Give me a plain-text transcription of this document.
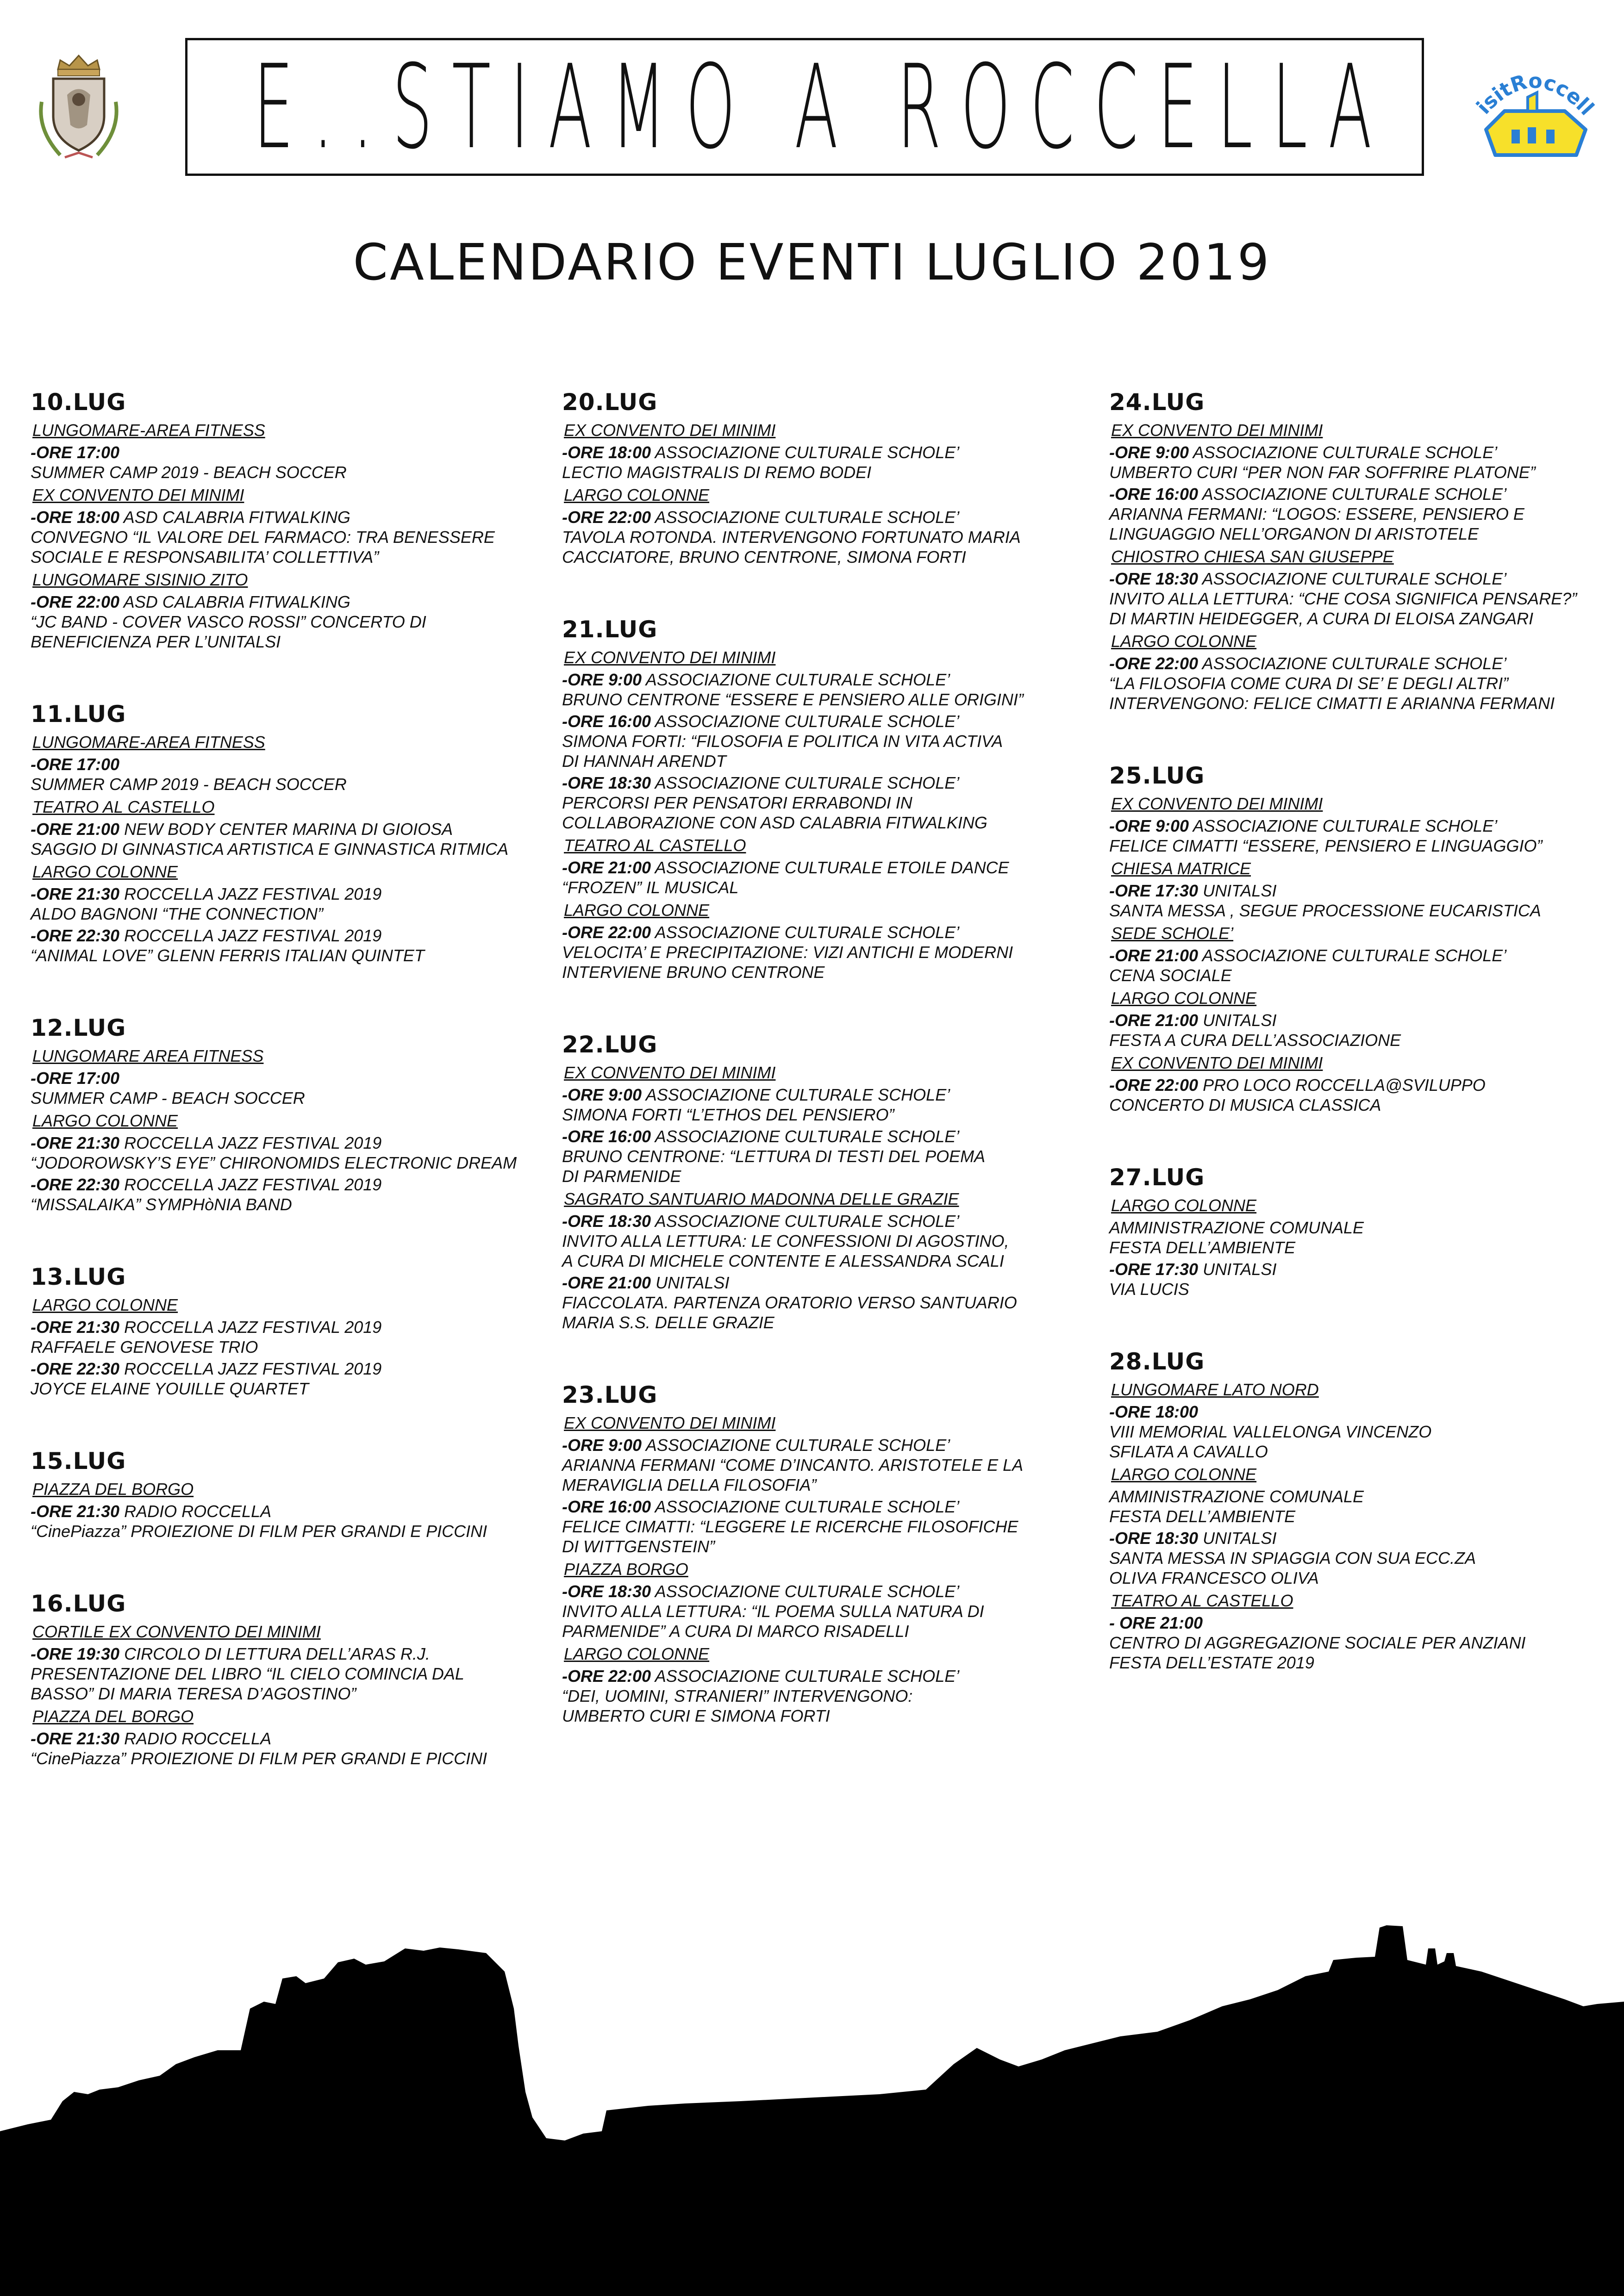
E..STIAMO A ROCCELLA	isitRoccell
CALENDARIO EVENTI LUGLIO 2019
10.LUG
LUNGOMARE-AREA FITNESS
-ORE 17:00
SUMMER CAMP 2019 - BEACH SOCCER
EX CONVENTO DEI MINIMI
-ORE 18:00 ASD CALABRIA FITWALKING
CONVEGNO “IL VALORE DEL FARMACO: TRA BENESSERE
SOCIALE E RESPONSABILITA’ COLLETTIVA”
LUNGOMARE SISINIO ZITO
-ORE 22:00 ASD CALABRIA FITWALKING
“JC BAND - COVER VASCO ROSSI” CONCERTO DI
BENEFICIENZA PER L’UNITALSI
11.LUG
LUNGOMARE-AREA FITNESS
-ORE 17:00
SUMMER CAMP 2019 - BEACH SOCCER
TEATRO AL CASTELLO
-ORE 21:00 NEW BODY CENTER MARINA DI GIOIOSA
SAGGIO DI GINNASTICA ARTISTICA E GINNASTICA RITMICA
LARGO COLONNE
-ORE 21:30 ROCCELLA JAZZ FESTIVAL 2019
ALDO BAGNONI “THE CONNECTION”
-ORE 22:30 ROCCELLA JAZZ FESTIVAL 2019
“ANIMAL LOVE” GLENN FERRIS ITALIAN QUINTET
12.LUG
LUNGOMARE AREA FITNESS
-ORE 17:00
SUMMER CAMP - BEACH SOCCER
LARGO COLONNE
-ORE 21:30 ROCCELLA JAZZ FESTIVAL 2019
“JODOROWSKY’S EYE” CHIRONOMIDS ELECTRONIC DREAM
-ORE 22:30 ROCCELLA JAZZ FESTIVAL 2019
“MISSALAIKA” SYMPHòNIA BAND
13.LUG
LARGO COLONNE
-ORE 21:30 ROCCELLA JAZZ FESTIVAL 2019
RAFFAELE GENOVESE TRIO
-ORE 22:30 ROCCELLA JAZZ FESTIVAL 2019
JOYCE ELAINE YOUILLE QUARTET
15.LUG
PIAZZA DEL BORGO
-ORE 21:30 RADIO ROCCELLA
“CinePiazza” PROIEZIONE DI FILM PER GRANDI E PICCINI
16.LUG
CORTILE EX CONVENTO DEI MINIMI
-ORE 19:30 CIRCOLO DI LETTURA DELL’ARAS R.J.
PRESENTAZIONE DEL LIBRO “IL CIELO COMINCIA DAL
BASSO” DI MARIA TERESA D’AGOSTINO”
PIAZZA DEL BORGO
-ORE 21:30 RADIO ROCCELLA
“CinePiazza” PROIEZIONE DI FILM PER GRANDI E PICCINI
20.LUG
EX CONVENTO DEI MINIMI
-ORE 18:00 ASSOCIAZIONE CULTURALE SCHOLE’
LECTIO MAGISTRALIS DI REMO BODEI
LARGO COLONNE
-ORE 22:00 ASSOCIAZIONE CULTURALE SCHOLE’
TAVOLA ROTONDA. INTERVENGONO FORTUNATO MARIA
CACCIATORE, BRUNO CENTRONE, SIMONA FORTI
21.LUG
EX CONVENTO DEI MINIMI
-ORE 9:00 ASSOCIAZIONE CULTURALE SCHOLE’
BRUNO CENTRONE “ESSERE E PENSIERO ALLE ORIGINI”
-ORE 16:00 ASSOCIAZIONE CULTURALE SCHOLE’
SIMONA FORTI: “FILOSOFIA E POLITICA IN VITA ACTIVA
DI HANNAH ARENDT
-ORE 18:30 ASSOCIAZIONE CULTURALE SCHOLE’
PERCORSI PER PENSATORI ERRABONDI IN
COLLABORAZIONE CON ASD CALABRIA FITWALKING
TEATRO AL CASTELLO
-ORE 21:00 ASSOCIAZIONE CULTURALE ETOILE DANCE
“FROZEN” IL MUSICAL
LARGO COLONNE
-ORE 22:00 ASSOCIAZIONE CULTURALE SCHOLE’
VELOCITA’ E PRECIPITAZIONE: VIZI ANTICHI E MODERNI
INTERVIENE BRUNO CENTRONE
22.LUG
EX CONVENTO DEI MINIMI
-ORE 9:00 ASSOCIAZIONE CULTURALE SCHOLE’
SIMONA FORTI “L’ETHOS DEL PENSIERO”
-ORE 16:00 ASSOCIAZIONE CULTURALE SCHOLE’
BRUNO CENTRONE: “LETTURA DI TESTI DEL POEMA
DI PARMENIDE
SAGRATO SANTUARIO MADONNA DELLE GRAZIE
-ORE 18:30 ASSOCIAZIONE CULTURALE SCHOLE’
INVITO ALLA LETTURA: LE CONFESSIONI DI AGOSTINO,
A CURA DI MICHELE CONTENTE E ALESSANDRA SCALI
-ORE 21:00 UNITALSI
FIACCOLATA. PARTENZA ORATORIO VERSO SANTUARIO
MARIA S.S. DELLE GRAZIE
23.LUG
EX CONVENTO DEI MINIMI
-ORE 9:00 ASSOCIAZIONE CULTURALE SCHOLE’
ARIANNA FERMANI “COME D’INCANTO. ARISTOTELE E LA
MERAVIGLIA DELLA FILOSOFIA”
-ORE 16:00 ASSOCIAZIONE CULTURALE SCHOLE’
FELICE CIMATTI: “LEGGERE LE RICERCHE FILOSOFICHE
DI WITTGENSTEIN”
PIAZZA BORGO
-ORE 18:30 ASSOCIAZIONE CULTURALE SCHOLE’
INVITO ALLA LETTURA: “IL POEMA SULLA NATURA DI
PARMENIDE” A CURA DI MARCO RISADELLI
LARGO COLONNE
-ORE 22:00 ASSOCIAZIONE CULTURALE SCHOLE’
“DEI, UOMINI, STRANIERI” INTERVENGONO:
UMBERTO CURI E SIMONA FORTI
24.LUG
EX CONVENTO DEI MINIMI
-ORE 9:00 ASSOCIAZIONE CULTURALE SCHOLE’
UMBERTO CURI “PER NON FAR SOFFRIRE PLATONE”
-ORE 16:00 ASSOCIAZIONE CULTURALE SCHOLE’
ARIANNA FERMANI: “LOGOS: ESSERE, PENSIERO E
LINGUAGGIO NELL’ORGANON DI ARISTOTELE
CHIOSTRO CHIESA SAN GIUSEPPE
-ORE 18:30 ASSOCIAZIONE CULTURALE SCHOLE’
INVITO ALLA LETTURA: “CHE COSA SIGNIFICA PENSARE?”
DI MARTIN HEIDEGGER, A CURA DI ELOISA ZANGARI
LARGO COLONNE
-ORE 22:00 ASSOCIAZIONE CULTURALE SCHOLE’
“LA FILOSOFIA COME CURA DI SE’ E DEGLI ALTRI”
INTERVENGONO: FELICE CIMATTI E ARIANNA FERMANI
25.LUG
EX CONVENTO DEI MINIMI
-ORE 9:00 ASSOCIAZIONE CULTURALE SCHOLE’
FELICE CIMATTI “ESSERE, PENSIERO E LINGUAGGIO”
CHIESA MATRICE
-ORE 17:30 UNITALSI
SANTA MESSA , SEGUE PROCESSIONE EUCARISTICA
SEDE SCHOLE’
-ORE 21:00 ASSOCIAZIONE CULTURALE SCHOLE’
CENA SOCIALE
LARGO COLONNE
-ORE 21:00 UNITALSI
FESTA A CURA DELL’ASSOCIAZIONE
EX CONVENTO DEI MINIMI
-ORE 22:00 PRO LOCO ROCCELLA@SVILUPPO
CONCERTO DI MUSICA CLASSICA
27.LUG
LARGO COLONNE
AMMINISTRAZIONE COMUNALE
FESTA DELL’AMBIENTE
-ORE 17:30 UNITALSI
VIA LUCIS
28.LUG
LUNGOMARE LATO NORD
-ORE 18:00
VIII MEMORIAL VALLELONGA VINCENZO
SFILATA A CAVALLO
LARGO COLONNE
AMMINISTRAZIONE COMUNALE
FESTA DELL’AMBIENTE
-ORE 18:30 UNITALSI
SANTA MESSA IN SPIAGGIA CON SUA ECC.ZA
OLIVA FRANCESCO OLIVA
TEATRO AL CASTELLO
- ORE 21:00
CENTRO DI AGGREGAZIONE SOCIALE PER ANZIANI
FESTA DELL’ESTATE 2019
